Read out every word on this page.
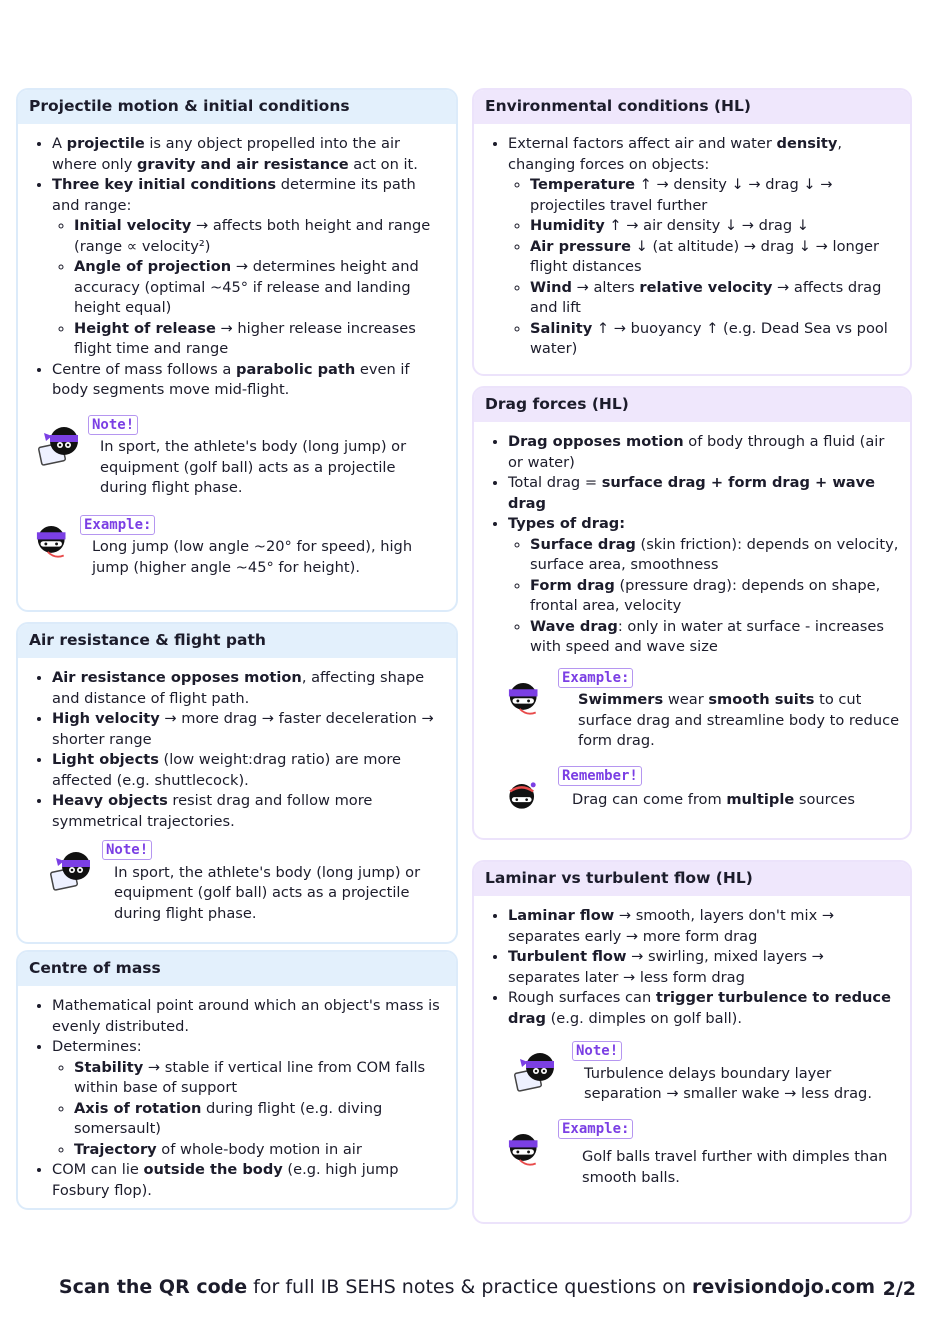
Projectile motion & initial conditions
• A projectile is any object propelled into the air where only gravity and air resistance act on it.
• Three key initial conditions determine its path and range:
◦ Initial velocity → affects both height and range (range ∝ velocity²)
◦ Angle of projection → determines height and accuracy (optimal ~45° if release and landing height equal)
◦ Height of release → higher release increases flight time and range
• Centre of mass follows a parabolic path even if body segments move mid-flight.
Note!
In sport, the athlete's body (long jump) or equipment (golf ball) acts as a projectile during flight phase.
Example:
Long jump (low angle ~20° for speed), high jump (higher angle ~45° for height).
Air resistance & flight path
• Air resistance opposes motion, affecting shape and distance of flight path.
• High velocity → more drag → faster deceleration → shorter range
• Light objects (low weight:drag ratio) are more affected (e.g. shuttlecock).
• Heavy objects resist drag and follow more symmetrical trajectories.
Note!
In sport, the athlete's body (long jump) or equipment (golf ball) acts as a projectile during flight phase.
Centre of mass
• Mathematical point around which an object's mass is evenly distributed.
• Determines:
◦ Stability → stable if vertical line from COM falls within base of support
◦ Axis of rotation during flight (e.g. diving somersault)
◦ Trajectory of whole-body motion in air
• COM can lie outside the body (e.g. high jump Fosbury flop).
Environmental conditions (HL)
• External factors affect air and water density, changing forces on objects:
◦ Temperature ↑ → density ↓ → drag ↓ → projectiles travel further
◦ Humidity ↑ → air density ↓ → drag ↓
◦ Air pressure ↓ (at altitude) → drag ↓ → longer flight distances
◦ Wind → alters relative velocity → affects drag and lift
◦ Salinity ↑ → buoyancy ↑ (e.g. Dead Sea vs pool water)
Drag forces (HL)
• Drag opposes motion of body through a fluid (air or water)
• Total drag = surface drag + form drag + wave drag
• Types of drag:
◦ Surface drag (skin friction): depends on velocity, surface area, smoothness
◦ Form drag (pressure drag): depends on shape, frontal area, velocity
◦ Wave drag: only in water at surface - increases with speed and wave size
Example:
Swimmers wear smooth suits to cut surface drag and streamline body to reduce form drag.
Remember!
Drag can come from multiple sources
Laminar vs turbulent flow (HL)
• Laminar flow → smooth, layers don't mix → separates early → more form drag
• Turbulent flow → swirling, mixed layers → separates later → less form drag
• Rough surfaces can trigger turbulence to reduce drag (e.g. dimples on golf ball).
Note!
Turbulence delays boundary layer separation → smaller wake → less drag.
Example:
Golf balls travel further with dimples than smooth balls.
Scan the QR code for full IB SEHS notes & practice questions on revisiondojo.com 2/2
